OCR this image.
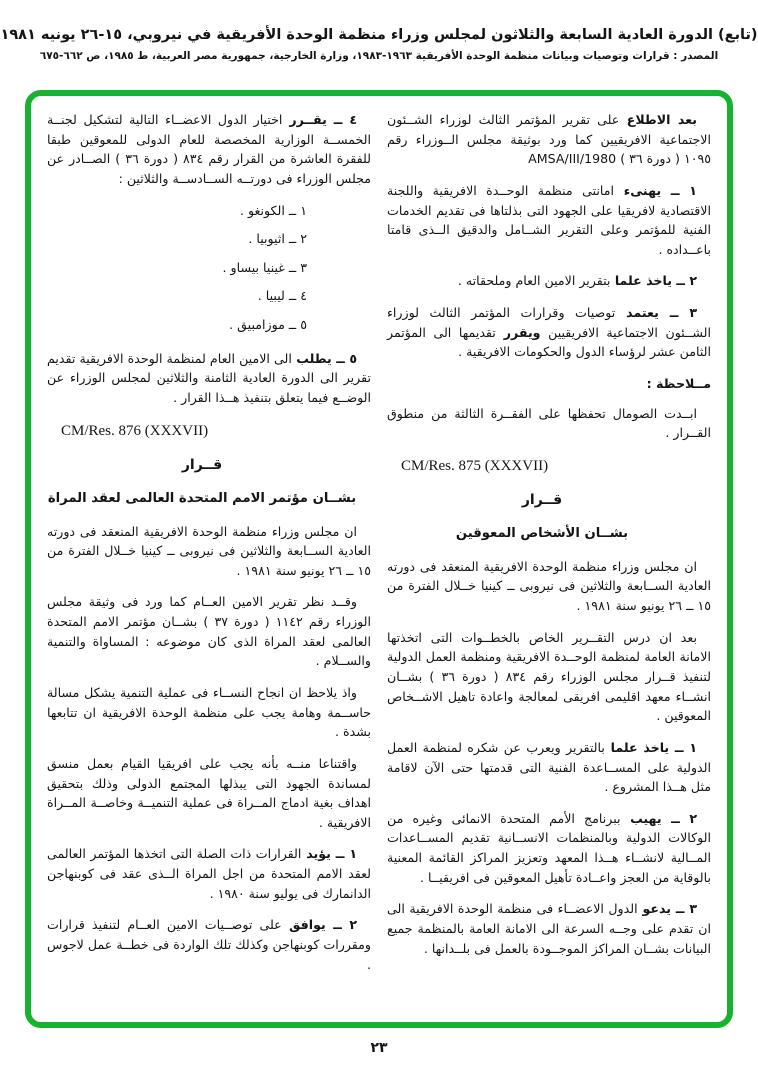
(تابع) الدورة العادية السابعة والثلاثون لمجلس وزراء منظمة الوحدة الأفريقية في نيروبي، ١٥-٢٦ يونيه ١٩٨١
المصدر : قرارات وتوصيات وبيانات منظمة الوحدة الأفريقية ١٩٦٣-١٩٨٣، وزارة الخارجية، جمهورية مصر العربية، ط ١٩٨٥، ص ٦٦٢-٦٧٥

بعد الاطلاع على تقرير المؤتمر الثالث لوزراء الشــئون الاجتماعية الافريقيين كما ورد بوثيقة مجلس الــوزراء رقم ١٠٩٥ ( دورة ٣٦ ) AMSA/III/1980

١ ــ يهنىء امانتى منظمة الوحــدة الافريقية واللجنة الاقتصادية لافريقيا على الجهود التى بذلتاها فى تقديم الخدمات الفنية للمؤتمر وعلى التقرير الشــامل والدقيق الــذى قامتا باعــداده .

٢ ــ ياخذ علما بتقرير الامين العام وملحقاته .

٣ ــ يعتمد توصيات وقرارات المؤتمر الثالث لوزراء الشــئون الاجتماعية الافريقيين ويقرر تقديمها الى المؤتمر الثامن عشر لرؤساء الدول والحكومات الافريقية .

مــلاحظة :

ابــدت الصومال تحفظها على الفقــرة الثالثة من منطوق القــرار .

CM/Res. 875 (XXXVII)

قــرار

بشــان الأشخاص المعوقين

ان مجلس وزراء منظمة الوحدة الافريقية المنعقد فى دورته العادية الســابعة والثلاثين فى نيروبى ــ كينيا خــلال الفترة من ١٥ ــ ٢٦ يونيو سنة ١٩٨١ .

بعد ان درس التقــرير الخاص بالخطــوات التى اتخذتها الامانة العامة لمنظمة الوحــدة الافريقية ومنظمة العمل الدولية لتنفيذ قــرار مجلس الوزراء رقم ٨٣٤ ( دورة ٣٦ ) بشــان انشــاء معهد اقليمى افريقى لمعالجة واعادة تاهيل الاشــخاص المعوقين .

١ ــ ياخذ علما بالتقرير ويعرب عن شكره لمنظمة العمل الدولية على المســاعدة الفنية التى قدمتها حتى الآن لاقامة مثل هــذا المشروع .

٢ ــ يهيب ببرنامج الأمم المتحدة الانمائى وغيره من الوكالات الدولية وبالمنظمات الانســانية تقديم المســاعدات المــالية لانشــاء هــذا المعهد وتعزيز المراكز القائمة المعنية بالوقاية من العجز واعــادة تأهيل المعوقين فى افريقيــا .

٣ ــ يدعو الدول الاعضــاء فى منظمة الوحدة الافريقية الى ان تقدم على وجــه السرعة الى الامانة العامة بالمنظمة جميع البيانات بشــان المراكز الموجــودة بالعمل فى بلــدانها .

٤ ــ يقــرر اختيار الدول الاعضــاء التالية لتشكيل لجنــة الخمســة الوزارية المخصصة للعام الدولى للمعوقين طبقا للفقرة العاشرة من القرار رقم ٨٣٤ ( دورة ٣٦ ) الصــادر عن مجلس الوزراء فى دورتــه الســادســة والثلاثين :

١ ــ الكونغو .
٢ ــ اثيوبيا .
٣ ــ غينيا بيساو .
٤ ــ ليبيا .
٥ ــ موزامبيق .

٥ ــ يطلب الى الامين العام لمنظمة الوحدة الافريقية تقديم تقرير الى الدورة العادية الثامنة والثلاثين لمجلس الوزراء عن الوضــع فيما يتعلق بتنفيذ هــذا القرار .

CM/Res. 876 (XXXVII)

قــرار

بشــان مؤتمر الامم المتحدة العالمى لعقد المراة

ان مجلس وزراء منظمة الوحدة الافريقية المنعقد فى دورته العادية الســابعة والثلاثين فى نيروبى ــ كينيا خــلال الفترة من ١٥ ــ ٢٦ يونيو سنة ١٩٨١ .

وقــد نظر تقرير الامين العــام كما ورد فى وثيقة مجلس الوزراء رقم ١١٤٢ ( دورة ٣٧ ) بشــان مؤتمر الامم المتحدة العالمى لعقد المراة الذى كان موضوعه : المساواة والتنمية والســلام .

واذ يلاحظ ان انجاح النســاء فى عملية التنمية يشكل مسالة حاســمة وهامة يجب على منظمة الوحدة الافريقية ان تتابعها بشدة .

واقتناعا منــه بأنه يجب على افريقيا القيام بعمل منسق لمساندة الجهود التى يبذلها المجتمع الدولى وذلك بتحقيق اهداف بغية ادماج المــراة فى عملية التنميــة وخاصــة المــراة الافريقية .

١ ــ يؤيد القرارات ذات الصلة التى اتخذها المؤتمر العالمى لعقد الامم المتحدة من اجل المراة الــذى عقد فى كوبنهاجن الدانمارك فى يوليو سنة ١٩٨٠ .

٢ ــ يوافق على توصــيات الامين العــام لتنفيذ قرارات ومقررات كوبنهاجن وكذلك تلك الواردة فى خطــة عمل لاجوس .

٢٣
